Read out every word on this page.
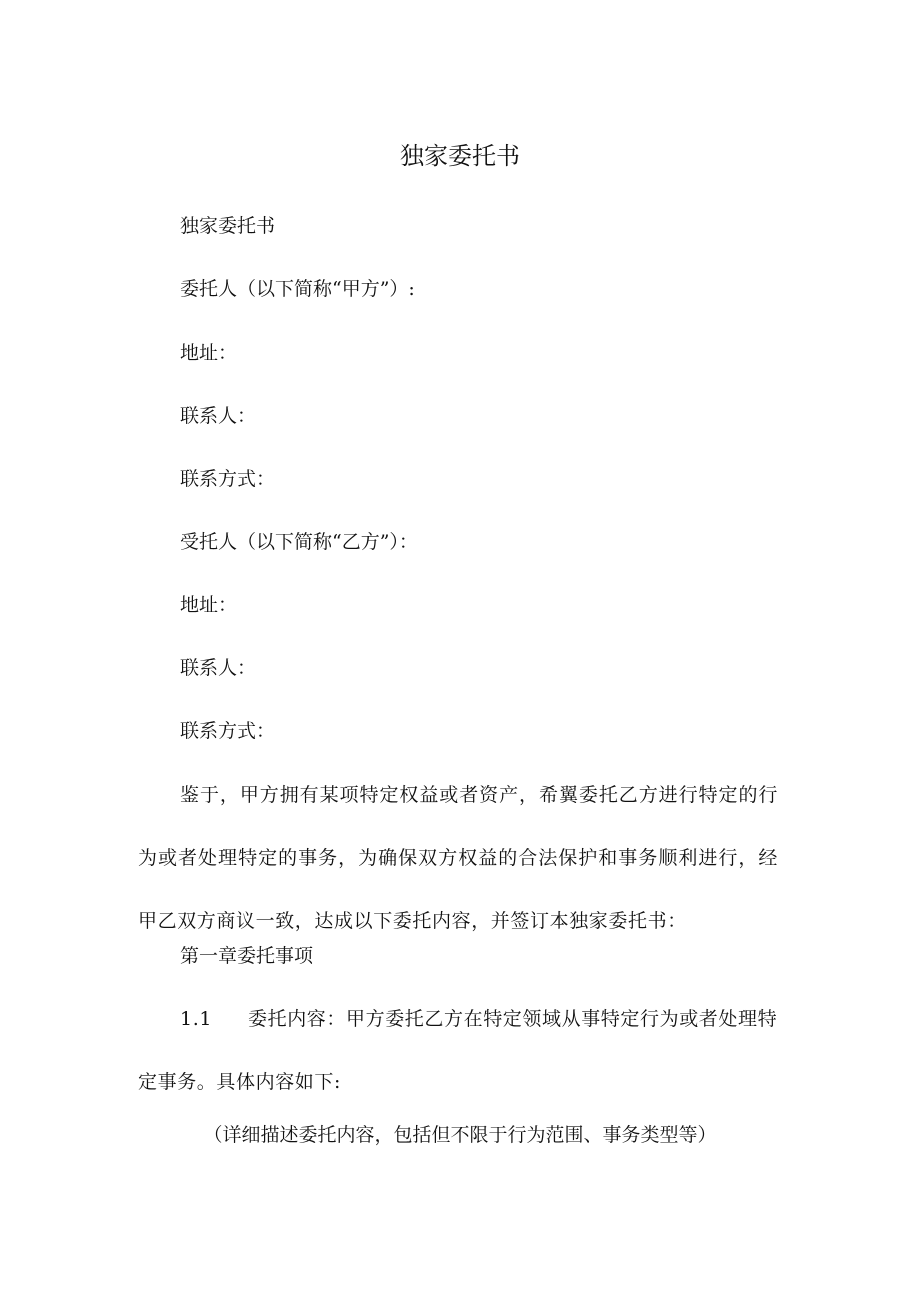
独家委托书
独家委托书
委托人（以下简称“甲方”）:
地址：
联系人：
联系方式：
受托人（以下简称“乙方”）：
地址：
联系人：
联系方式：
鉴于，甲方拥有某项特定权益或者资产，希翼委托乙方进行特定的行为或者处理特定的事务，为确保双方权益的合法保护和事务顺利进行，经甲乙双方商议一致，达成以下委托内容，并签订本独家委托书：
第一章委托事项
1.1 委托内容：甲方委托乙方在特定领域从事特定行为或者处理特定事务。具体内容如下:
（详细描述委托内容，包括但不限于行为范围、事务类型等）
